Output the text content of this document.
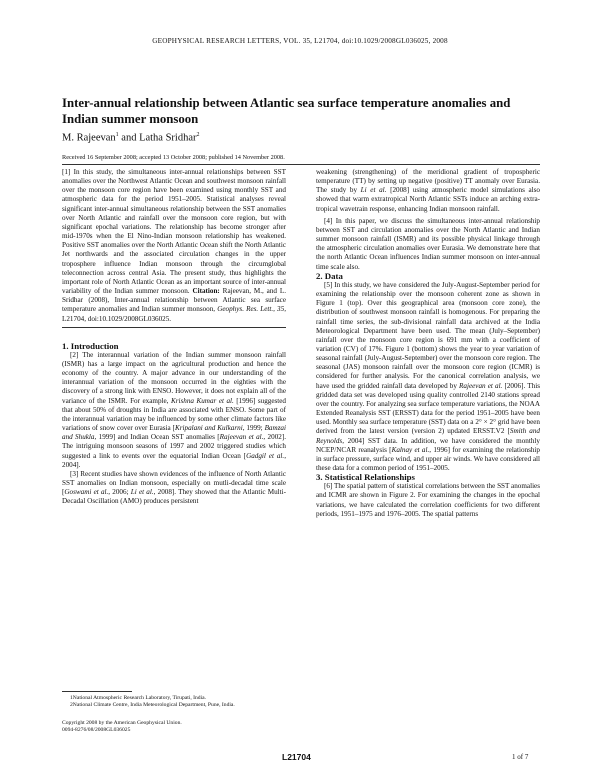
GEOPHYSICAL RESEARCH LETTERS, VOL. 35, L21704, doi:10.1029/2008GL036025, 2008
Inter-annual relationship between Atlantic sea surface temperature anomalies and Indian summer monsoon
M. Rajeevan$^1$ and Latha Sridhar$^2$
Received 16 September 2008; accepted 13 October 2008; published 14 November 2008.

[1] In this study, the simultaneous inter-annual relationships between SST anomalies over the Northwest Atlantic Ocean and southwest monsoon rainfall over the monsoon core region have been examined using monthly SST and atmospheric data for the period 1951–2005. Statistical analyses reveal significant inter-annual simultaneous relationship between the SST anomalies over North Atlantic and rainfall over the monsoon core region, but with significant epochal variations. The relationship has become stronger after mid-1970s when the El Nino-Indian monsoon relationship has weakened. Positive SST anomalies over the North Atlantic Ocean shift the North Atlantic Jet northwards and the associated circulation changes in the upper troposphere influence Indian monsoon through the circumglobal teleconnection across central Asia. The present study, thus highlights the important role of North Atlantic Ocean as an important source of inter-annual variability of the Indian summer monsoon. Citation: Rajeevan, M., and L. Sridhar (2008), Inter-annual relationship between Atlantic sea surface temperature anomalies and Indian summer monsoon, Geophys. Res. Lett., 35, L21704, doi:10.1029/2008GL036025.

1. Introduction

[2] The interannual variation of the Indian summer monsoon rainfall (ISMR) has a large impact on the agricultural production and hence the economy of the country. A major advance in our understanding of the interannual variation of the monsoon occurred in the eighties with the discovery of a strong link with ENSO. However, it does not explain all of the variance of the ISMR. For example, Krishna Kumar et al. [1996] suggested that about 50% of droughts in India are associated with ENSO. Some part of the interannual variation may be influenced by some other climate factors like variations of snow cover over Eurasia [Kripalani and Kulkarni, 1999; Bamzai and Shukla, 1999] and Indian Ocean SST anomalies [Rajeevan et al., 2002]. The intriguing monsoon seasons of 1997 and 2002 triggered studies which suggested a link to events over the equatorial Indian Ocean [Gadgil et al., 2004].

[3] Recent studies have shown evidences of the influence of North Atlantic SST anomalies on Indian monsoon, especially on mutli-decadal time scale [Goswami et al., 2006; Li et al., 2008]. They showed that the Atlantic Multi-Decadal Oscillation (AMO) produces persistent

weakening (strengthening) of the meridional gradient of tropospheric temperature (TT) by setting up negative (positive) TT anomaly over Eurasia. The study by Li et al. [2008] using atmospheric model simulations also showed that warm extratropical North Atlantic SSTs induce an arching extra-tropical wavetrain response, enhancing Indian monsoon rainfall.

[4] In this paper, we discuss the simultaneous inter-annual relationship between SST and circulation anomalies over the North Atlantic and Indian summer monsoon rainfall (ISMR) and its possible physical linkage through the atmospheric circulation anomalies over Eurasia. We demonstrate here that the north Atlantic Ocean influences Indian summer monsoon on inter-annual time scale also.

2. Data

[5] In this study, we have considered the July-August-September period for examining the relationship over the monsoon coherent zone as shown in Figure 1 (top). Over this geographical area (monsoon core zone), the distribution of southwest monsoon rainfall is homogenous. For preparing the rainfall time series, the sub-divisional rainfall data archived at the India Meteorological Department have been used. The mean (July–September) rainfall over the monsoon core region is 691 mm with a coefficient of variation (CV) of 17%. Figure 1 (bottom) shows the year to year variation of seasonal rainfall (July-August-September) over the monsoon core region. The seasonal (JAS) monsoon rainfall over the monsoon core region (ICMR) is considered for further analysis. For the canonical correlation analysis, we have used the gridded rainfall data developed by Rajeevan et al. [2006]. This gridded data set was developed using quality controlled 2140 stations spread over the country. For analyzing sea surface temperature variations, the NOAA Extended Reanalysis SST (ERSST) data for the period 1951–2005 have been used. Monthly sea surface temperature (SST) data on a 2° × 2° grid have been derived from the latest version (version 2) updated ERSST.V2 [Smith and Reynolds, 2004] SST data. In addition, we have considered the monthly NCEP/NCAR reanalysis [Kalnay et al., 1996] for examining the relationship in surface pressure, surface wind, and upper air winds. We have considered all these data for a common period of 1951–2005.

3. Statistical Relationships

[6] The spatial pattern of statistical correlations between the SST anomalies and ICMR are shown in Figure 2. For examining the changes in the epochal variations, we have calculated the correlation coefficients for two different periods, 1951–1975 and 1976–2005. The spatial patterns

1National Atmospheric Research Laboratory, Tirupati, India.

2National Climate Centre, India Meteorological Department, Pune, India.

Copyright 2008 by the American Geophysical Union.
0094-8276/08/2008GL036025
L21704	1 of 7
